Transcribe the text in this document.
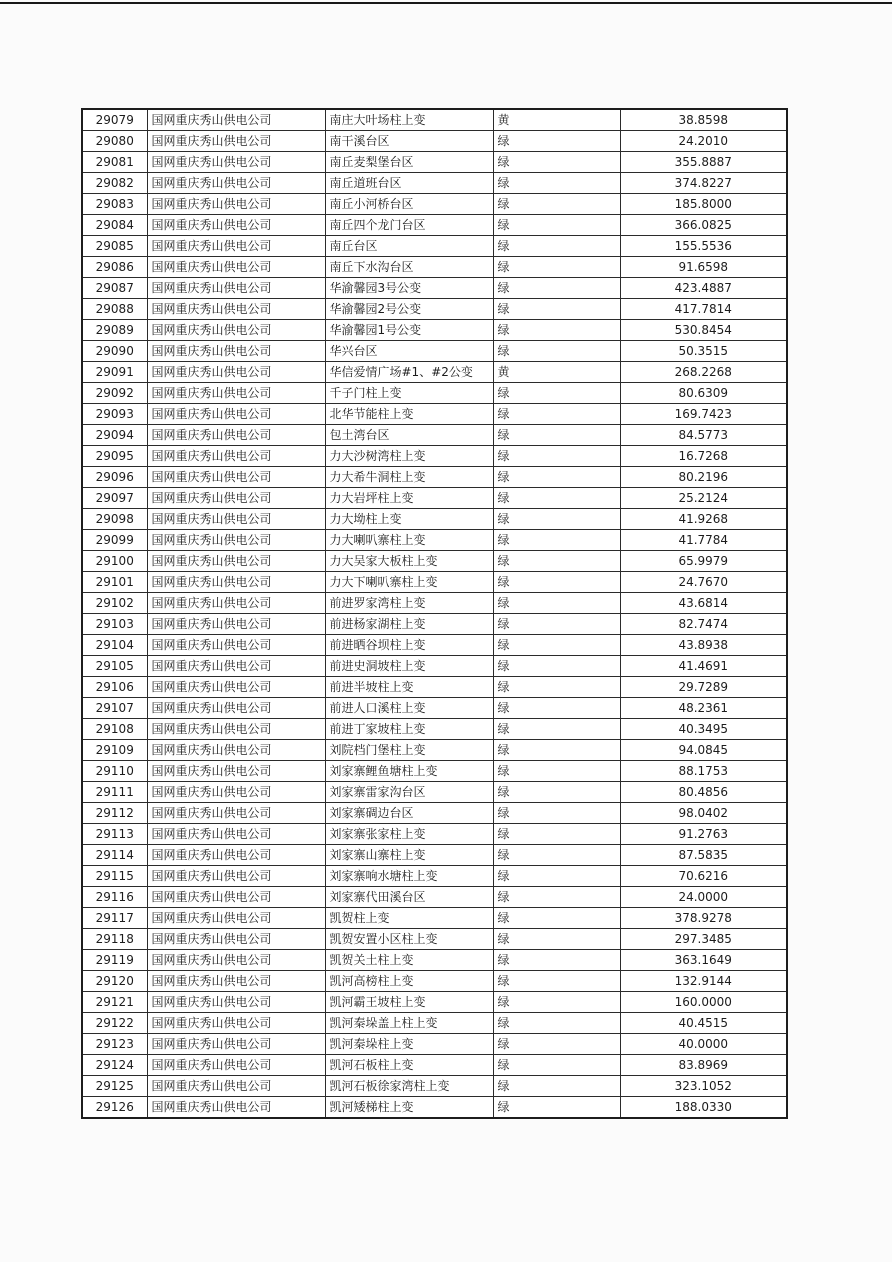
29079	国网重庆秀山供电公司	南庄大叶场柱上变	黄	38.8598
29080	国网重庆秀山供电公司	南干溪台区	绿	24.2010
29081	国网重庆秀山供电公司	南丘麦梨堡台区	绿	355.8887
29082	国网重庆秀山供电公司	南丘道班台区	绿	374.8227
29083	国网重庆秀山供电公司	南丘小河桥台区	绿	185.8000
29084	国网重庆秀山供电公司	南丘四个龙门台区	绿	366.0825
29085	国网重庆秀山供电公司	南丘台区	绿	155.5536
29086	国网重庆秀山供电公司	南丘下水沟台区	绿	91.6598
29087	国网重庆秀山供电公司	华渝馨园3号公变	绿	423.4887
29088	国网重庆秀山供电公司	华渝馨园2号公变	绿	417.7814
29089	国网重庆秀山供电公司	华渝馨园1号公变	绿	530.8454
29090	国网重庆秀山供电公司	华兴台区	绿	50.3515
29091	国网重庆秀山供电公司	华信爱情广场#1、#2公变	黄	268.2268
29092	国网重庆秀山供电公司	千子门柱上变	绿	80.6309
29093	国网重庆秀山供电公司	北华节能柱上变	绿	169.7423
29094	国网重庆秀山供电公司	包土湾台区	绿	84.5773
29095	国网重庆秀山供电公司	力大沙树湾柱上变	绿	16.7268
29096	国网重庆秀山供电公司	力大希牛洞柱上变	绿	80.2196
29097	国网重庆秀山供电公司	力大岩坪柱上变	绿	25.2124
29098	国网重庆秀山供电公司	力大坳柱上变	绿	41.9268
29099	国网重庆秀山供电公司	力大喇叭寨柱上变	绿	41.7784
29100	国网重庆秀山供电公司	力大吴家大板柱上变	绿	65.9979
29101	国网重庆秀山供电公司	力大下喇叭寨柱上变	绿	24.7670
29102	国网重庆秀山供电公司	前进罗家湾柱上变	绿	43.6814
29103	国网重庆秀山供电公司	前进杨家湖柱上变	绿	82.7474
29104	国网重庆秀山供电公司	前进晒谷坝柱上变	绿	43.8938
29105	国网重庆秀山供电公司	前进史洞坡柱上变	绿	41.4691
29106	国网重庆秀山供电公司	前进半坡柱上变	绿	29.7289
29107	国网重庆秀山供电公司	前进人口溪柱上变	绿	48.2361
29108	国网重庆秀山供电公司	前进丁家坡柱上变	绿	40.3495
29109	国网重庆秀山供电公司	刘院档门堡柱上变	绿	94.0845
29110	国网重庆秀山供电公司	刘家寨鲤鱼塘柱上变	绿	88.1753
29111	国网重庆秀山供电公司	刘家寨雷家沟台区	绿	80.4856
29112	国网重庆秀山供电公司	刘家寨碉边台区	绿	98.0402
29113	国网重庆秀山供电公司	刘家寨张家柱上变	绿	91.2763
29114	国网重庆秀山供电公司	刘家寨山寨柱上变	绿	87.5835
29115	国网重庆秀山供电公司	刘家寨响水塘柱上变	绿	70.6216
29116	国网重庆秀山供电公司	刘家寨代田溪台区	绿	24.0000
29117	国网重庆秀山供电公司	凯贺柱上变	绿	378.9278
29118	国网重庆秀山供电公司	凯贺安置小区柱上变	绿	297.3485
29119	国网重庆秀山供电公司	凯贺关土柱上变	绿	363.1649
29120	国网重庆秀山供电公司	凯河高榜柱上变	绿	132.9144
29121	国网重庆秀山供电公司	凯河霸王坡柱上变	绿	160.0000
29122	国网重庆秀山供电公司	凯河秦垛盖上柱上变	绿	40.4515
29123	国网重庆秀山供电公司	凯河秦垛柱上变	绿	40.0000
29124	国网重庆秀山供电公司	凯河石板柱上变	绿	83.8969
29125	国网重庆秀山供电公司	凯河石板徐家湾柱上变	绿	323.1052
29126	国网重庆秀山供电公司	凯河矮梯柱上变	绿	188.0330
